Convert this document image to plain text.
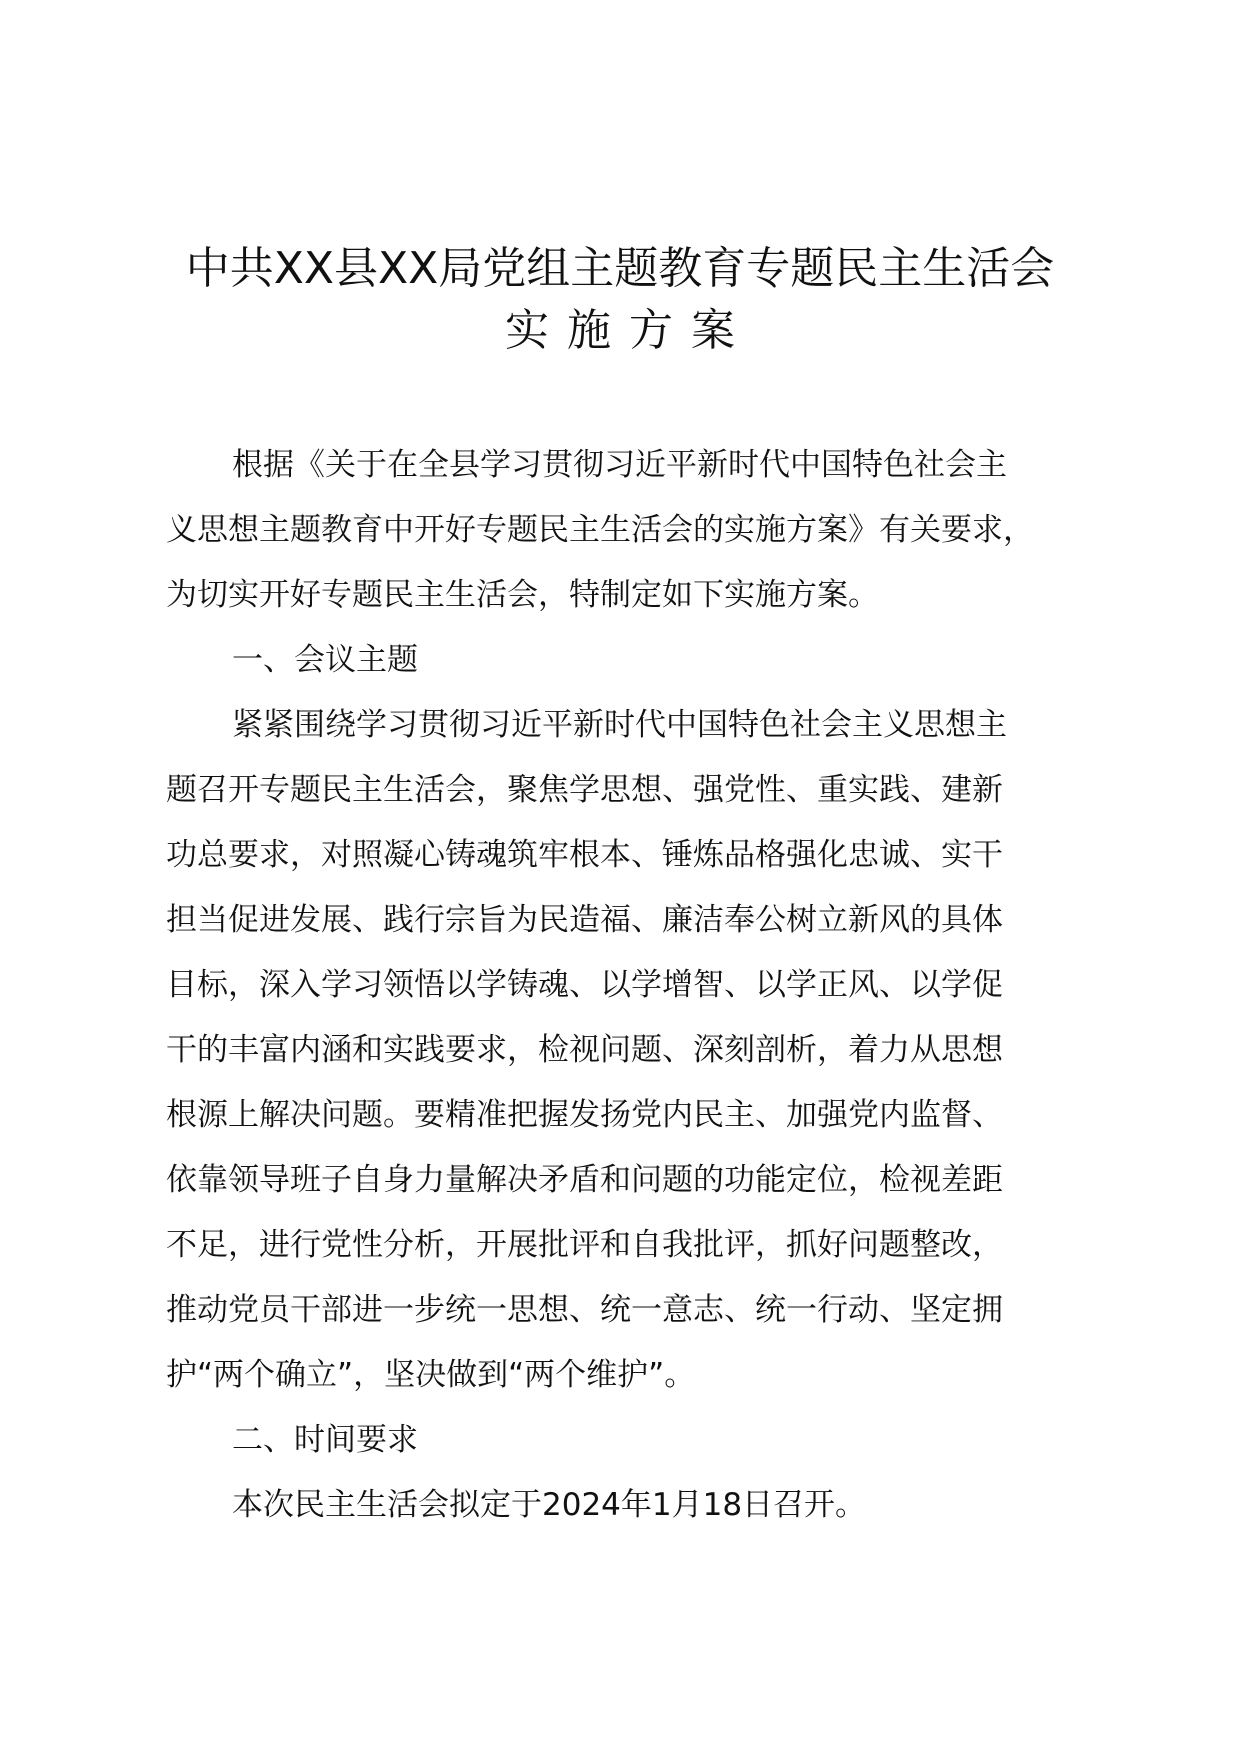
中共XX县XX局党组主题教育专题民主生活会
实施方案
根据《关于在全县学习贯彻习近平新时代中国特色社会主
义思想主题教育中开好专题民主生活会的实施方案》有关要求，
为切实开好专题民主生活会，特制定如下实施方案。
一、会议主题
紧紧围绕学习贯彻习近平新时代中国特色社会主义思想主
题召开专题民主生活会，聚焦学思想、强党性、重实践、建新
功总要求，对照凝心铸魂筑牢根本、锤炼品格强化忠诚、实干
担当促进发展、践行宗旨为民造福、廉洁奉公树立新风的具体
目标，深入学习领悟以学铸魂、以学增智、以学正风、以学促
干的丰富内涵和实践要求，检视问题、深刻剖析，着力从思想
根源上解决问题。要精准把握发扬党内民主、加强党内监督、
依靠领导班子自身力量解决矛盾和问题的功能定位，检视差距
不足，进行党性分析，开展批评和自我批评，抓好问题整改，
推动党员干部进一步统一思想、统一意志、统一行动、坚定拥
护“两个确立”，坚决做到“两个维护”。
二、时间要求
本次民主生活会拟定于2024年1月18日召开。
